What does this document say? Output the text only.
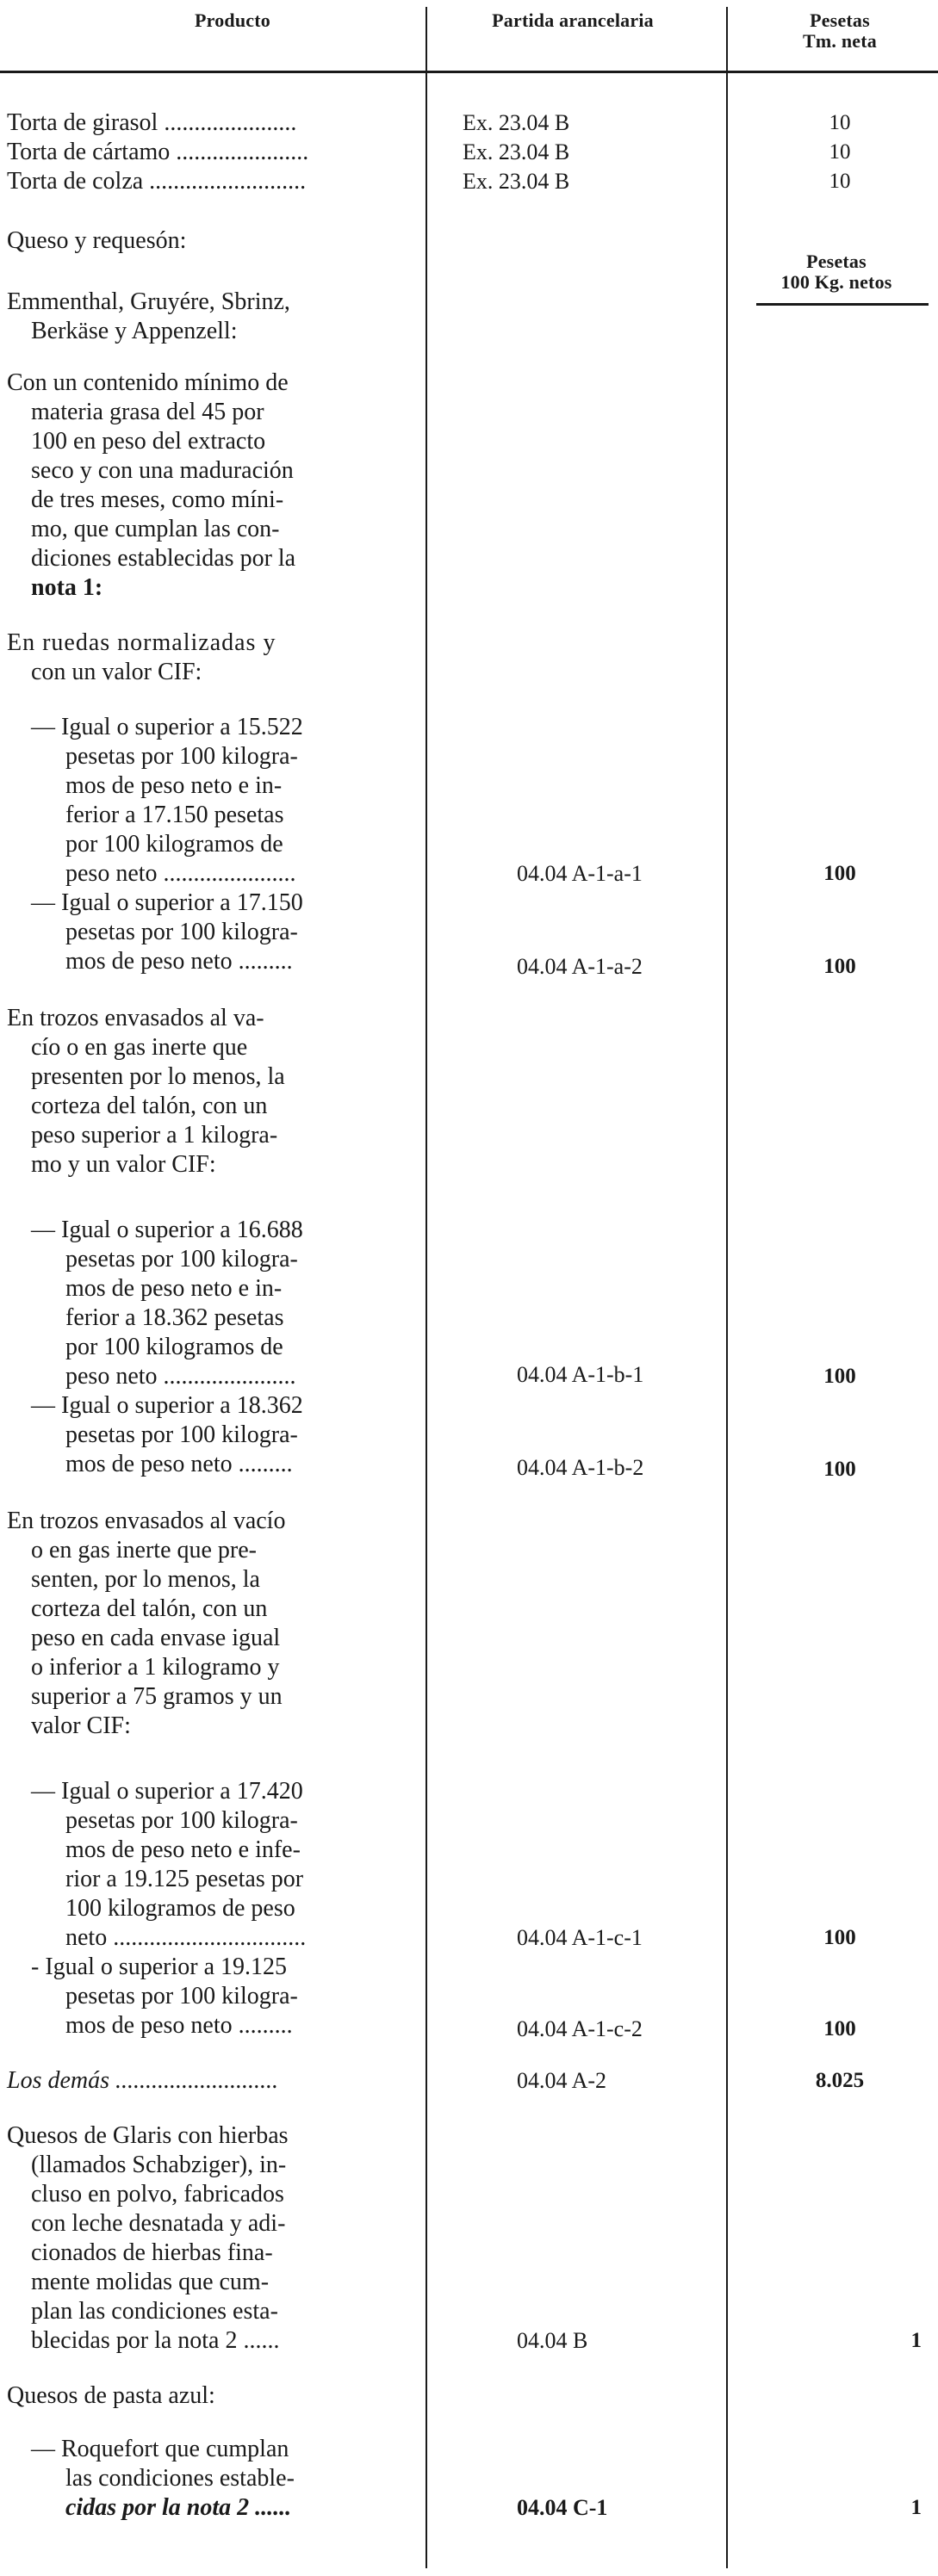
Producto	Partida arancelaria	Pesetas
Tm. neta
Torta de girasol ......................	Ex. 23.04 B	10
Torta de cártamo ......................	Ex. 23.04 B	10
Torta de colza ..........................	Ex. 23.04 B	10
Queso y requesón:
Pesetas
100 Kg. netos
Emmenthal, Gruyére, Sbrinz,
Berkäse y Appenzell:
Con un contenido mínimo de
materia grasa del 45 por
100 en peso del extracto
seco y con una maduración
de tres meses, como míni-
mo, que cumplan las con-
diciones establecidas por la
nota 1:
En ruedas normalizadas y
con un valor CIF:
— Igual o superior a 15.522
pesetas por 100 kilogra-
mos de peso neto e in-
ferior a 17.150 pesetas
por 100 kilogramos de
peso neto ......................	04.04 A-1-a-1	100
— Igual o superior a 17.150
pesetas por 100 kilogra-
mos de peso neto .........	04.04 A-1-a-2	100
En trozos envasados al va-
cío o en gas inerte que
presenten por lo menos, la
corteza del talón, con un
peso superior a 1 kilogra-
mo y un valor CIF:
— Igual o superior a 16.688
pesetas por 100 kilogra-
mos de peso neto e in-
ferior a 18.362 pesetas
por 100 kilogramos de
peso neto ......................	04.04 A-1-b-1	100
— Igual o superior a 18.362
pesetas por 100 kilogra-
mos de peso neto .........	04.04 A-1-b-2	100
En trozos envasados al vacío
o en gas inerte que pre-
senten, por lo menos, la
corteza del talón, con un
peso en cada envase igual
o inferior a 1 kilogramo y
superior a 75 gramos y un
valor CIF:
— Igual o superior a 17.420
pesetas por 100 kilogra-
mos de peso neto e infe-
rior a 19.125 pesetas por
100 kilogramos de peso
neto ................................	04.04 A-1-c-1	100
- Igual o superior a 19.125
pesetas por 100 kilogra-
mos de peso neto .........	04.04 A-1-c-2	100
Los demás ...........................	04.04 A-2	8.025
Quesos de Glaris con hierbas
(llamados Schabziger), in-
cluso en polvo, fabricados
con leche desnatada y adi-
cionados de hierbas fina-
mente molidas que cum-
plan las condiciones esta-
blecidas por la nota 2 ......	04.04 B	1
Quesos de pasta azul:
— Roquefort que cumplan
las condiciones estable-
cidas por la nota 2 ......	04.04 C-1	1
